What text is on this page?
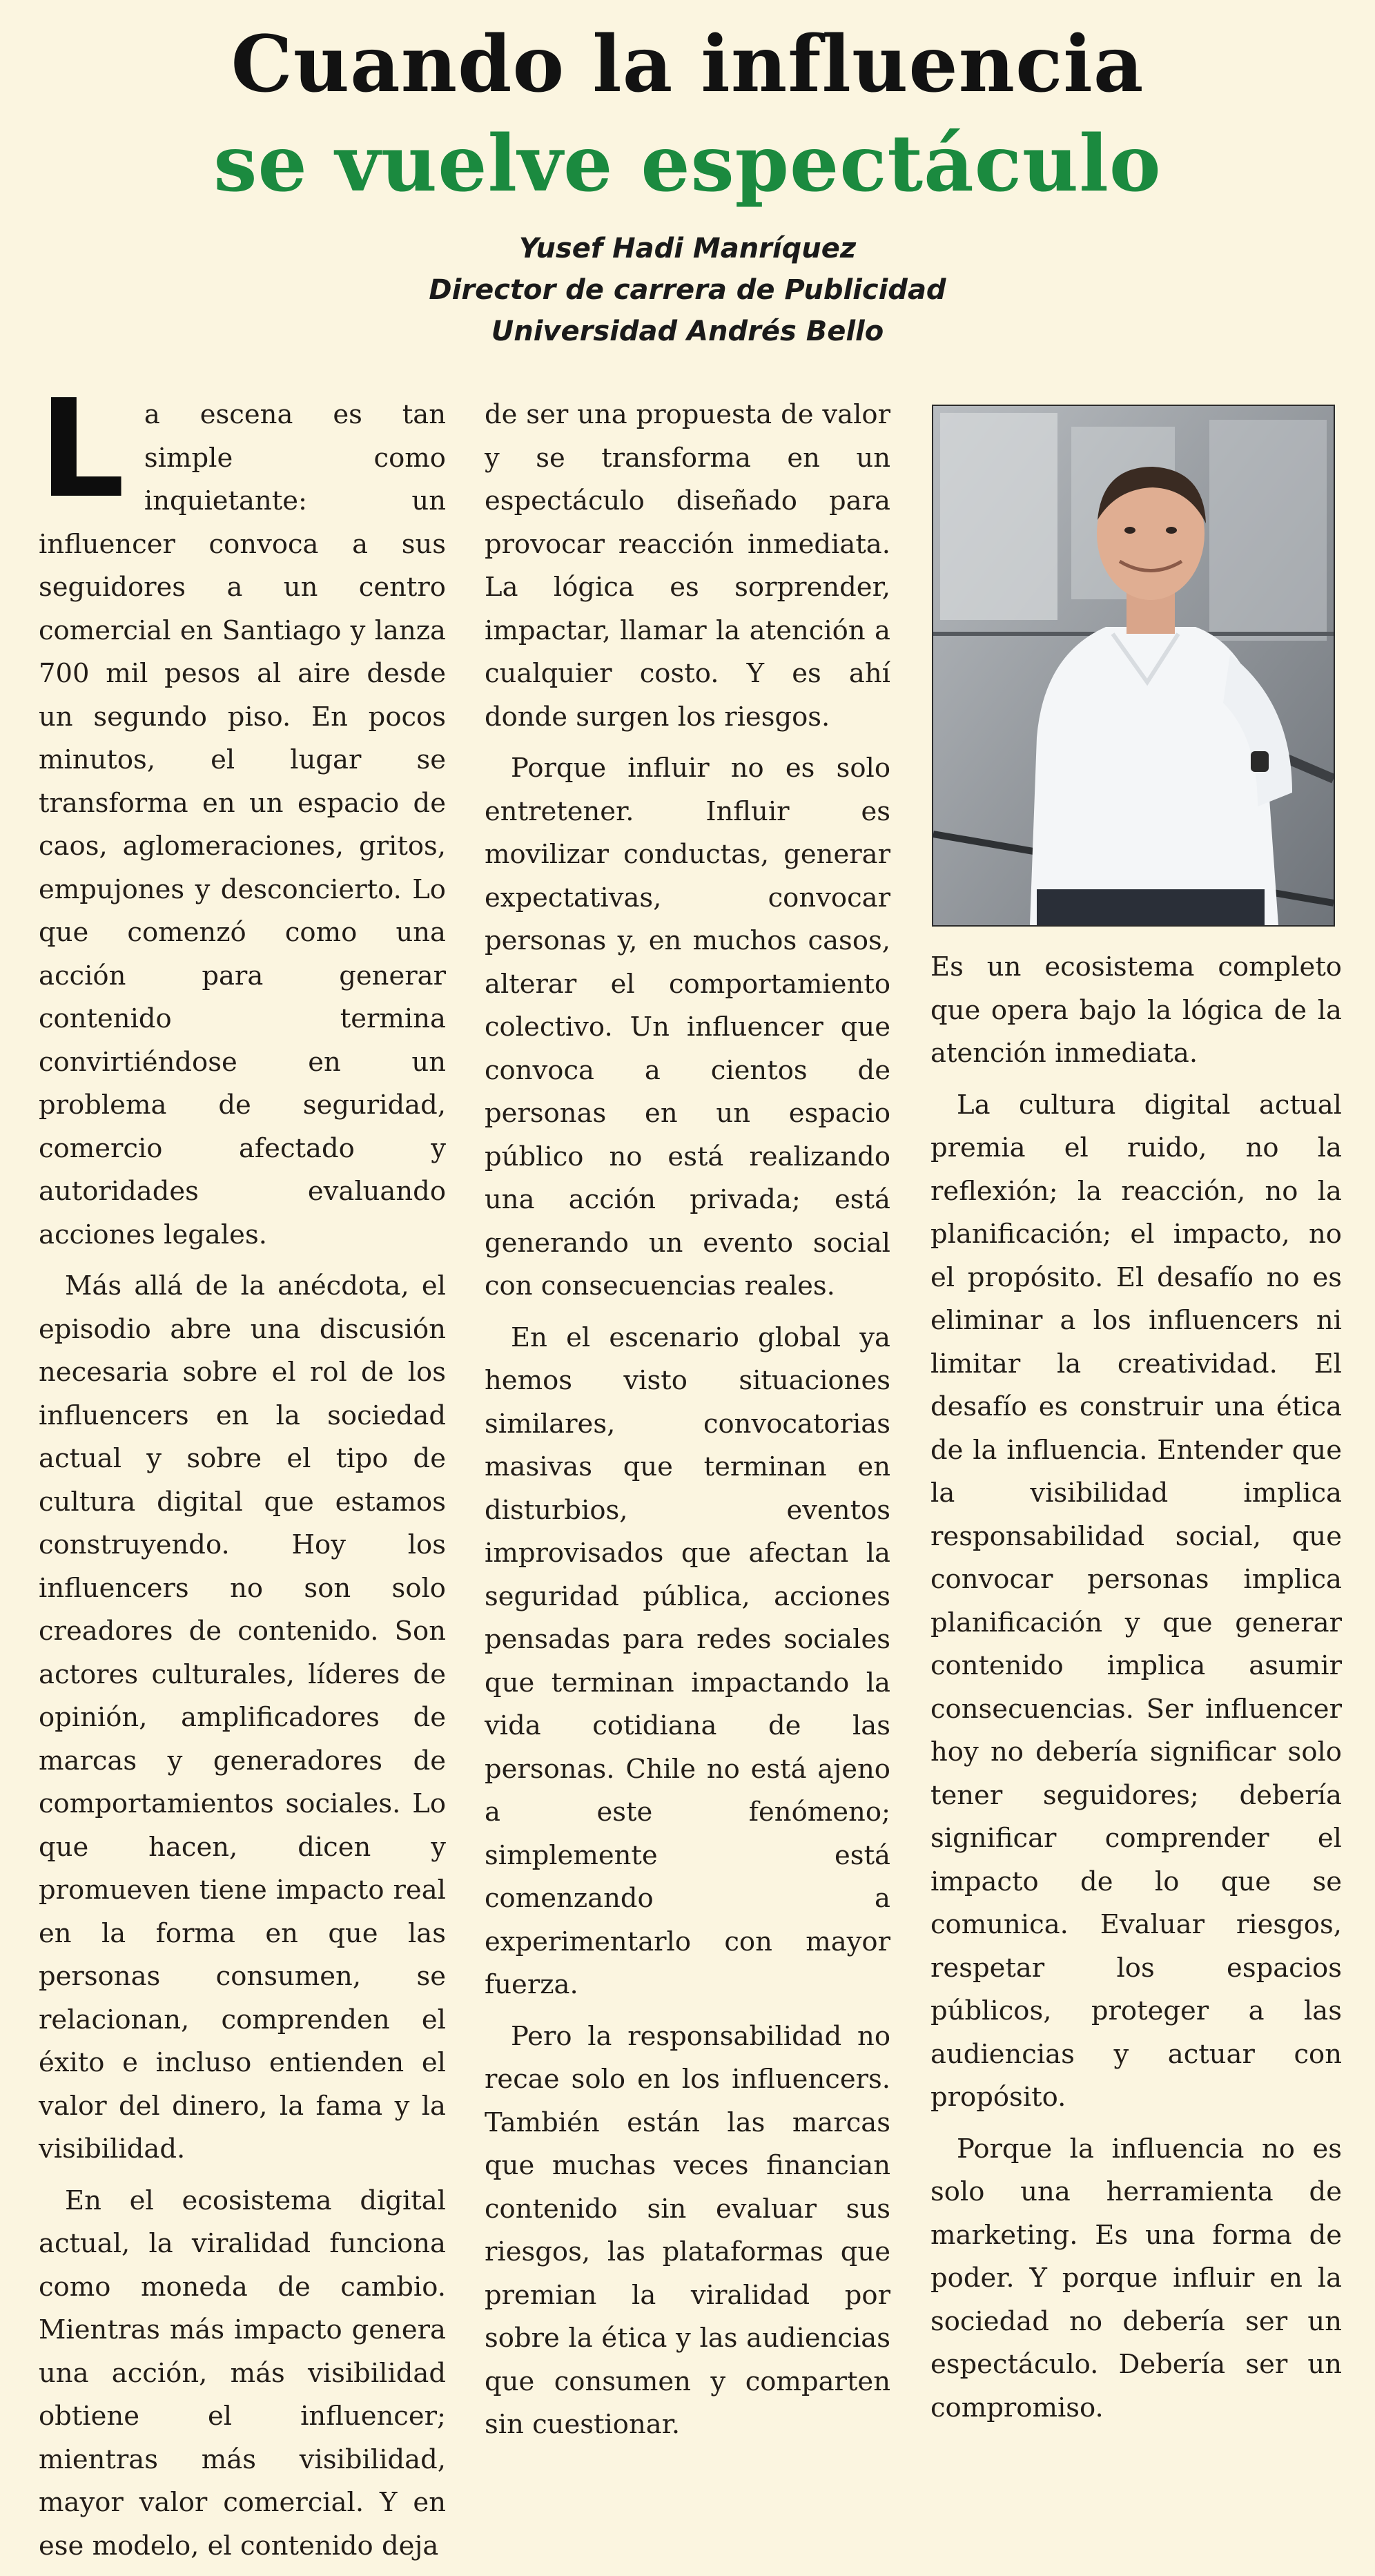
Cuando la influencia
se vuelve espectáculo
Yusef Hadi Manríquez
Director de carrera de Publicidad
Universidad Andrés Bello

La escena es tan simple como inquietante: un influencer convoca a sus seguidores a un centro comercial en Santiago y lanza 700 mil pesos al aire desde un segundo piso. En pocos minutos, el lugar se transforma en un espacio de caos, aglomeraciones, gritos, empujones y desconcierto. Lo que comenzó como una acción para generar contenido termina convirtiéndose en un problema de seguridad, comercio afectado y autoridades evaluando acciones legales.

Más allá de la anécdota, el episodio abre una discusión necesaria sobre el rol de los influencers en la sociedad actual y sobre el tipo de cultura digital que estamos construyendo. Hoy los influencers no son solo creadores de contenido. Son actores culturales, líderes de opinión, amplificadores de marcas y generadores de comportamientos sociales. Lo que hacen, dicen y promueven tiene impacto real en la forma en que las personas consumen, se relacionan, comprenden el éxito e incluso entienden el valor del dinero, la fama y la visibilidad.

En el ecosistema digital actual, la viralidad funciona como moneda de cambio. Mientras más impacto genera una acción, más visibilidad obtiene el influencer; mientras más visibilidad, mayor valor comercial. Y en ese modelo, el contenido deja

de ser una propuesta de valor y se transforma en un espectáculo diseñado para provocar reacción inmediata. La lógica es sorprender, impactar, llamar la atención a cualquier costo. Y es ahí donde surgen los riesgos.

Porque influir no es solo entretener. Influir es movilizar conductas, generar expectativas, convocar personas y, en muchos casos, alterar el comportamiento colectivo. Un influencer que convoca a cientos de personas en un espacio público no está realizando una acción privada; está generando un evento social con consecuencias reales.

En el escenario global ya hemos visto situaciones similares, convocatorias masivas que terminan en disturbios, eventos improvisados que afectan la seguridad pública, acciones pensadas para redes sociales que terminan impactando la vida cotidiana de las personas. Chile no está ajeno a este fenómeno; simplemente está comenzando a experimentarlo con mayor fuerza.

Pero la responsabilidad no recae solo en los influencers. También están las marcas que muchas veces financian contenido sin evaluar sus riesgos, las plataformas que premian la viralidad por sobre la ética y las audiencias que consumen y comparten sin cuestionar.

Es un ecosistema completo que opera bajo la lógica de la atención inmediata.

La cultura digital actual premia el ruido, no la reflexión; la reacción, no la planificación; el impacto, no el propósito. El desafío no es eliminar a los influencers ni limitar la creatividad. El desafío es construir una ética de la influencia. Entender que la visibilidad implica responsabilidad social, que convocar personas implica planificación y que generar contenido implica asumir consecuencias. Ser influencer hoy no debería significar solo tener seguidores; debería significar comprender el impacto de lo que se comunica. Evaluar riesgos, respetar los espacios públicos, proteger a las audiencias y actuar con propósito.

Porque la influencia no es solo una herramienta de marketing. Es una forma de poder. Y porque influir en la sociedad no debería ser un espectáculo. Debería ser un compromiso.
